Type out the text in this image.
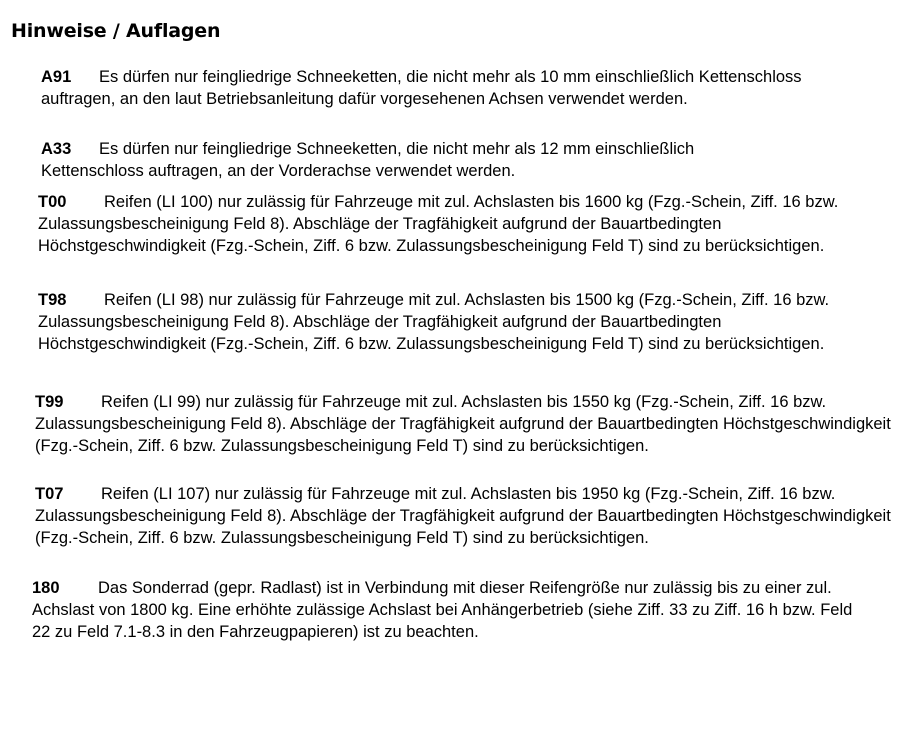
Hinweise / Auflagen

A91 Es dürfen nur feingliedrige Schneeketten, die nicht mehr als 10 mm einschließlich Kettenschloss auftragen, an den laut Betriebsanleitung dafür vorgesehenen Achsen verwendet werden.

A33 Es dürfen nur feingliedrige Schneeketten, die nicht mehr als 12 mm einschließlich Kettenschloss auftragen, an der Vorderachse verwendet werden.

T00 Reifen (LI 100) nur zulässig für Fahrzeuge mit zul. Achslasten bis 1600 kg (Fzg.-Schein, Ziff. 16 bzw. Zulassungsbescheinigung Feld 8). Abschläge der Tragfähigkeit aufgrund der Bauartbedingten Höchstgeschwindigkeit (Fzg.-Schein, Ziff. 6 bzw. Zulassungsbescheinigung Feld T) sind zu berücksichtigen.

T98 Reifen (LI 98) nur zulässig für Fahrzeuge mit zul. Achslasten bis 1500 kg (Fzg.-Schein, Ziff. 16 bzw. Zulassungsbescheinigung Feld 8). Abschläge der Tragfähigkeit aufgrund der Bauartbedingten Höchstgeschwindigkeit (Fzg.-Schein, Ziff. 6 bzw. Zulassungsbescheinigung Feld T) sind zu berücksichtigen.

T99 Reifen (LI 99) nur zulässig für Fahrzeuge mit zul. Achslasten bis 1550 kg (Fzg.-Schein, Ziff. 16 bzw. Zulassungsbescheinigung Feld 8). Abschläge der Tragfähigkeit aufgrund der Bauartbedingten Höchstgeschwindigkeit (Fzg.-Schein, Ziff. 6 bzw. Zulassungsbescheinigung Feld T) sind zu berücksichtigen.

T07 Reifen (LI 107) nur zulässig für Fahrzeuge mit zul. Achslasten bis 1950 kg (Fzg.-Schein, Ziff. 16 bzw. Zulassungsbescheinigung Feld 8). Abschläge der Tragfähigkeit aufgrund der Bauartbedingten Höchstgeschwindigkeit (Fzg.-Schein, Ziff. 6 bzw. Zulassungsbescheinigung Feld T) sind zu berücksichtigen.

180 Das Sonderrad (gepr. Radlast) ist in Verbindung mit dieser Reifengröße nur zulässig bis zu einer zul. Achslast von 1800 kg. Eine erhöhte zulässige Achslast bei Anhängerbetrieb (siehe Ziff. 33 zu Ziff. 16 h bzw. Feld 22 zu Feld 7.1-8.3 in den Fahrzeugpapieren) ist zu beachten.
